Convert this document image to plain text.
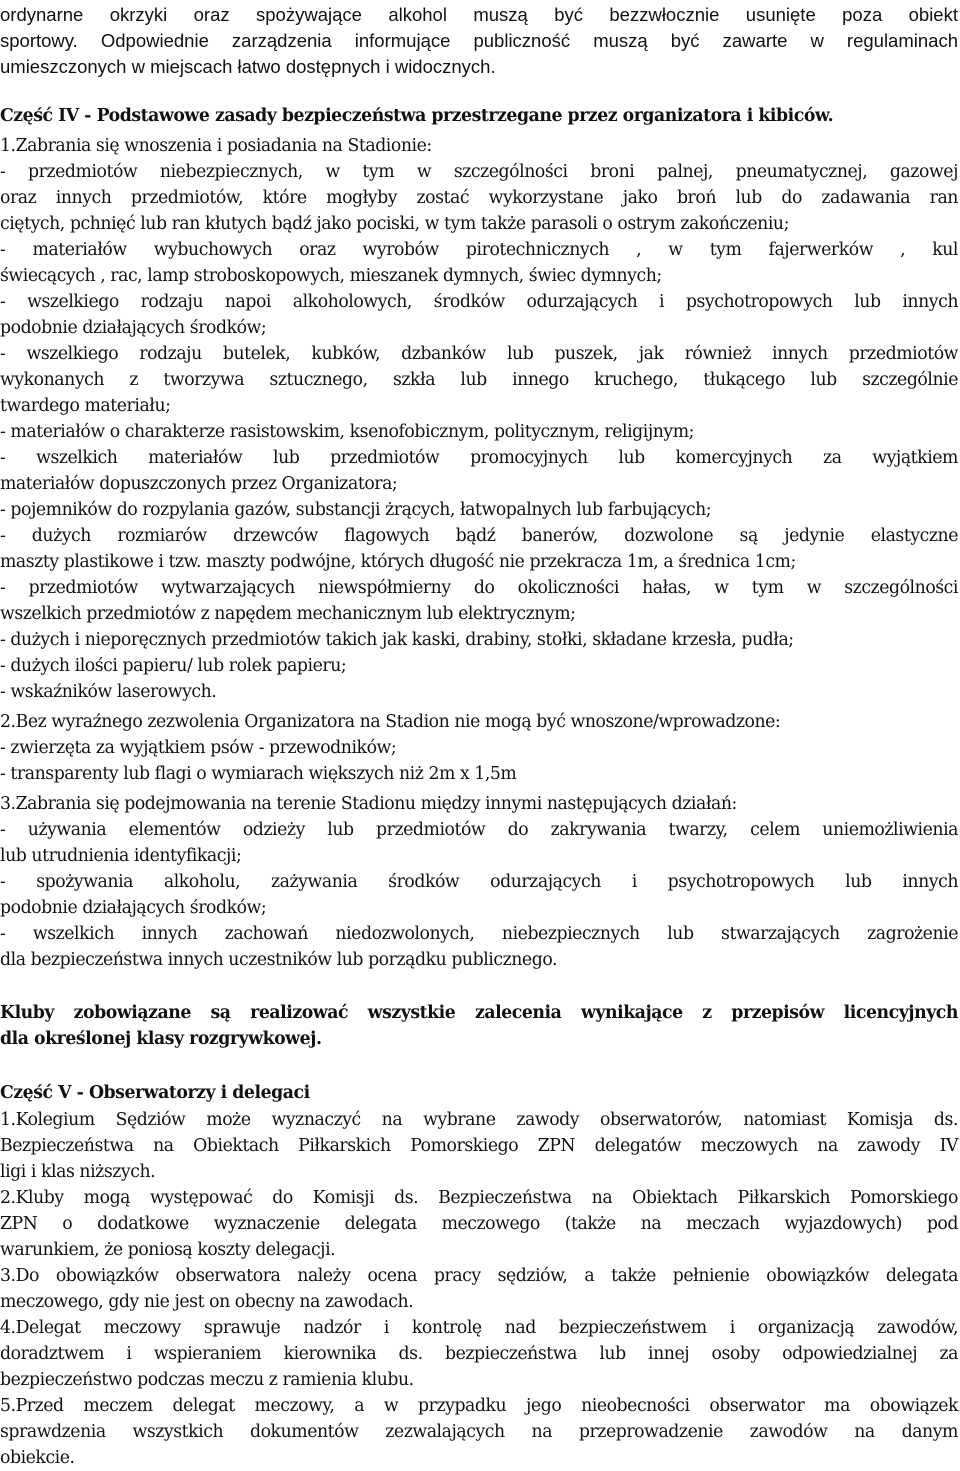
ordynarne okrzyki oraz spożywające alkohol muszą być bezzwłocznie usunięte poza obiekt
sportowy. Odpowiednie zarządzenia informujące publiczność muszą być zawarte w regulaminach
umieszczonych w miejscach łatwo dostępnych i widocznych.
Część IV - Podstawowe zasady bezpieczeństwa przestrzegane przez organizatora i kibiców.
1.Zabrania się wnoszenia i posiadania na Stadionie:
- przedmiotów niebezpiecznych, w tym w szczególności broni palnej, pneumatycznej, gazowej
oraz innych przedmiotów, które mogłyby zostać wykorzystane jako broń lub do zadawania ran
ciętych, pchnięć lub ran kłutych bądź jako pociski, w tym także parasoli o ostrym zakończeniu;
- materiałów wybuchowych oraz wyrobów pirotechnicznych , w tym fajerwerków , kul
świecących , rac, lamp stroboskopowych, mieszanek dymnych, świec dymnych;
- wszelkiego rodzaju napoi alkoholowych, środków odurzających i psychotropowych lub innych
podobnie działających środków;
- wszelkiego rodzaju butelek, kubków, dzbanków lub puszek, jak również innych przedmiotów
wykonanych z tworzywa sztucznego, szkła lub innego kruchego, tłukącego lub szczególnie
twardego materiału;
- materiałów o charakterze rasistowskim, ksenofobicznym, politycznym, religijnym;
- wszelkich materiałów lub przedmiotów promocyjnych lub komercyjnych za wyjątkiem
materiałów dopuszczonych przez Organizatora;
- pojemników do rozpylania gazów, substancji żrących, łatwopalnych lub farbujących;
- dużych rozmiarów drzewców flagowych bądź banerów, dozwolone są jedynie elastyczne
maszty plastikowe i tzw. maszty podwójne, których długość nie przekracza 1m, a średnica 1cm;
- przedmiotów wytwarzających niewspółmierny do okoliczności hałas, w tym w szczególności
wszelkich przedmiotów z napędem mechanicznym lub elektrycznym;
- dużych i nieporęcznych przedmiotów takich jak kaski, drabiny, stołki, składane krzesła, pudła;
- dużych ilości papieru/ lub rolek papieru;
- wskaźników laserowych.
2.Bez wyraźnego zezwolenia Organizatora na Stadion nie mogą być wnoszone/wprowadzone:
- zwierzęta za wyjątkiem psów - przewodników;
- transparenty lub flagi o wymiarach większych niż 2m x 1,5m
3.Zabrania się podejmowania na terenie Stadionu między innymi następujących działań:
- używania elementów odzieży lub przedmiotów do zakrywania twarzy, celem uniemożliwienia
lub utrudnienia identyfikacji;
- spożywania alkoholu, zażywania środków odurzających i psychotropowych lub innych
podobnie działających środków;
- wszelkich innych zachowań niedozwolonych, niebezpiecznych lub stwarzających zagrożenie
dla bezpieczeństwa innych uczestników lub porządku publicznego.
Kluby zobowiązane są realizować wszystkie zalecenia wynikające z przepisów licencyjnych
dla określonej klasy rozgrywkowej.
Część V - Obserwatorzy i delegaci
1.Kolegium Sędziów może wyznaczyć na wybrane zawody obserwatorów, natomiast Komisja ds.
Bezpieczeństwa na Obiektach Piłkarskich Pomorskiego ZPN delegatów meczowych na zawody IV
ligi i klas niższych.
2.Kluby mogą występować do Komisji ds. Bezpieczeństwa na Obiektach Piłkarskich Pomorskiego
ZPN o dodatkowe wyznaczenie delegata meczowego (także na meczach wyjazdowych) pod
warunkiem, że poniosą koszty delegacji.
3.Do obowiązków obserwatora należy ocena pracy sędziów, a także pełnienie obowiązków delegata
meczowego, gdy nie jest on obecny na zawodach.
4.Delegat meczowy sprawuje nadzór i kontrolę nad bezpieczeństwem i organizacją zawodów,
doradztwem i wspieraniem kierownika ds. bezpieczeństwa lub innej osoby odpowiedzialnej za
bezpieczeństwo podczas meczu z ramienia klubu.
5.Przed meczem delegat meczowy, a w przypadku jego nieobecności obserwator ma obowiązek
sprawdzenia wszystkich dokumentów zezwalających na przeprowadzenie zawodów na danym
obiekcie.
